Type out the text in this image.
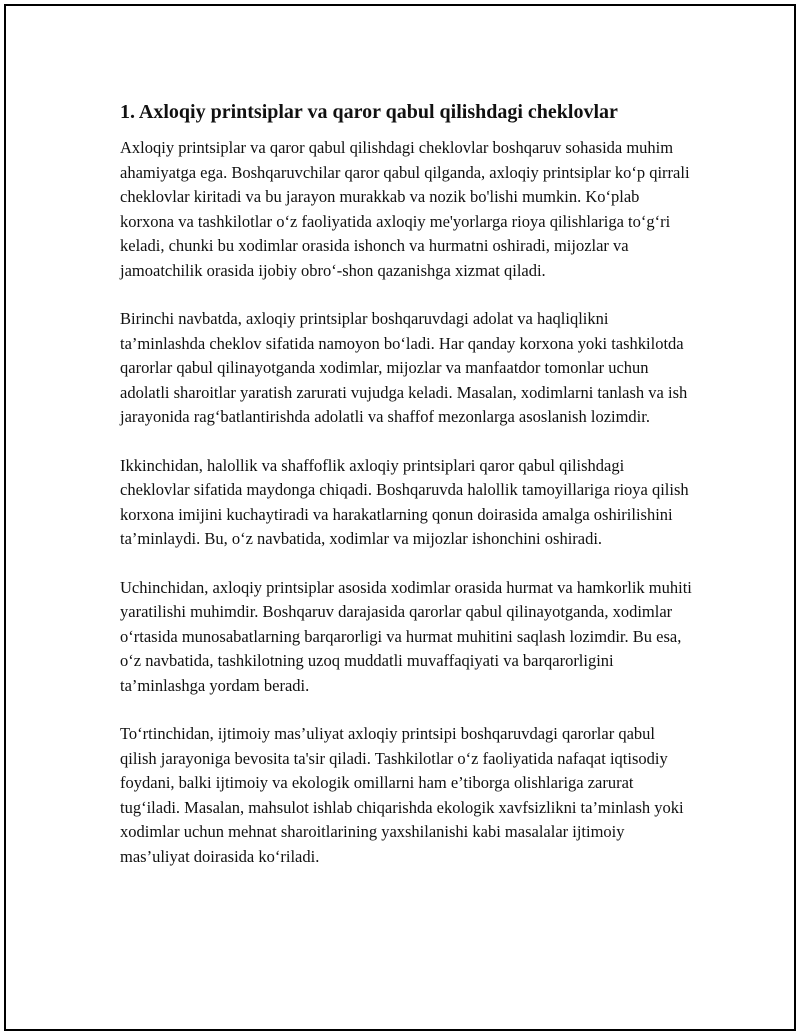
1. Axloqiy printsiplar va qaror qabul qilishdagi cheklovlar

Axloqiy printsiplar va qaror qabul qilishdagi cheklovlar boshqaruv sohasida muhim ahamiyatga ega. Boshqaruvchilar qaror qabul qilganda, axloqiy printsiplar ko‘p qirrali cheklovlar kiritadi va bu jarayon murakkab va nozik bo'lishi mumkin. Ko‘plab korxona va tashkilotlar o‘z faoliyatida axloqiy me'yorlarga rioya qilishlariga to‘g‘ri keladi, chunki bu xodimlar orasida ishonch va hurmatni oshiradi, mijozlar va jamoatchilik orasida ijobiy obro‘-shon qazanishga xizmat qiladi.

Birinchi navbatda, axloqiy printsiplar boshqaruvdagi adolat va haqliqlikni ta’minlashda cheklov sifatida namoyon bo‘ladi. Har qanday korxona yoki tashkilotda qarorlar qabul qilinayotganda xodimlar, mijozlar va manfaatdor tomonlar uchun adolatli sharoitlar yaratish zarurati vujudga keladi. Masalan, xodimlarni tanlash va ish jarayonida rag‘batlantirishda adolatli va shaffof mezonlarga asoslanish lozimdir.

Ikkinchidan, halollik va shaffoflik axloqiy printsiplari qaror qabul qilishdagi cheklovlar sifatida maydonga chiqadi. Boshqaruvda halollik tamoyillariga rioya qilish korxona imijini kuchaytiradi va harakatlarning qonun doirasida amalga oshirilishini ta’minlaydi. Bu, o‘z navbatida, xodimlar va mijozlar ishonchini oshiradi.

Uchinchidan, axloqiy printsiplar asosida xodimlar orasida hurmat va hamkorlik muhiti yaratilishi muhimdir. Boshqaruv darajasida qarorlar qabul qilinayotganda, xodimlar o‘rtasida munosabatlarning barqarorligi va hurmat muhitini saqlash lozimdir. Bu esa, o‘z navbatida, tashkilotning uzoq muddatli muvaffaqiyati va barqarorligini ta’minlashga yordam beradi.

To‘rtinchidan, ijtimoiy mas’uliyat axloqiy printsipi boshqaruvdagi qarorlar qabul qilish jarayoniga bevosita ta'sir qiladi. Tashkilotlar o‘z faoliyatida nafaqat iqtisodiy foydani, balki ijtimoiy va ekologik omillarni ham e’tiborga olishlariga zarurat tug‘iladi. Masalan, mahsulot ishlab chiqarishda ekologik xavfsizlikni ta’minlash yoki xodimlar uchun mehnat sharoitlarining yaxshilanishi kabi masalalar ijtimoiy mas’uliyat doirasida ko‘riladi.
